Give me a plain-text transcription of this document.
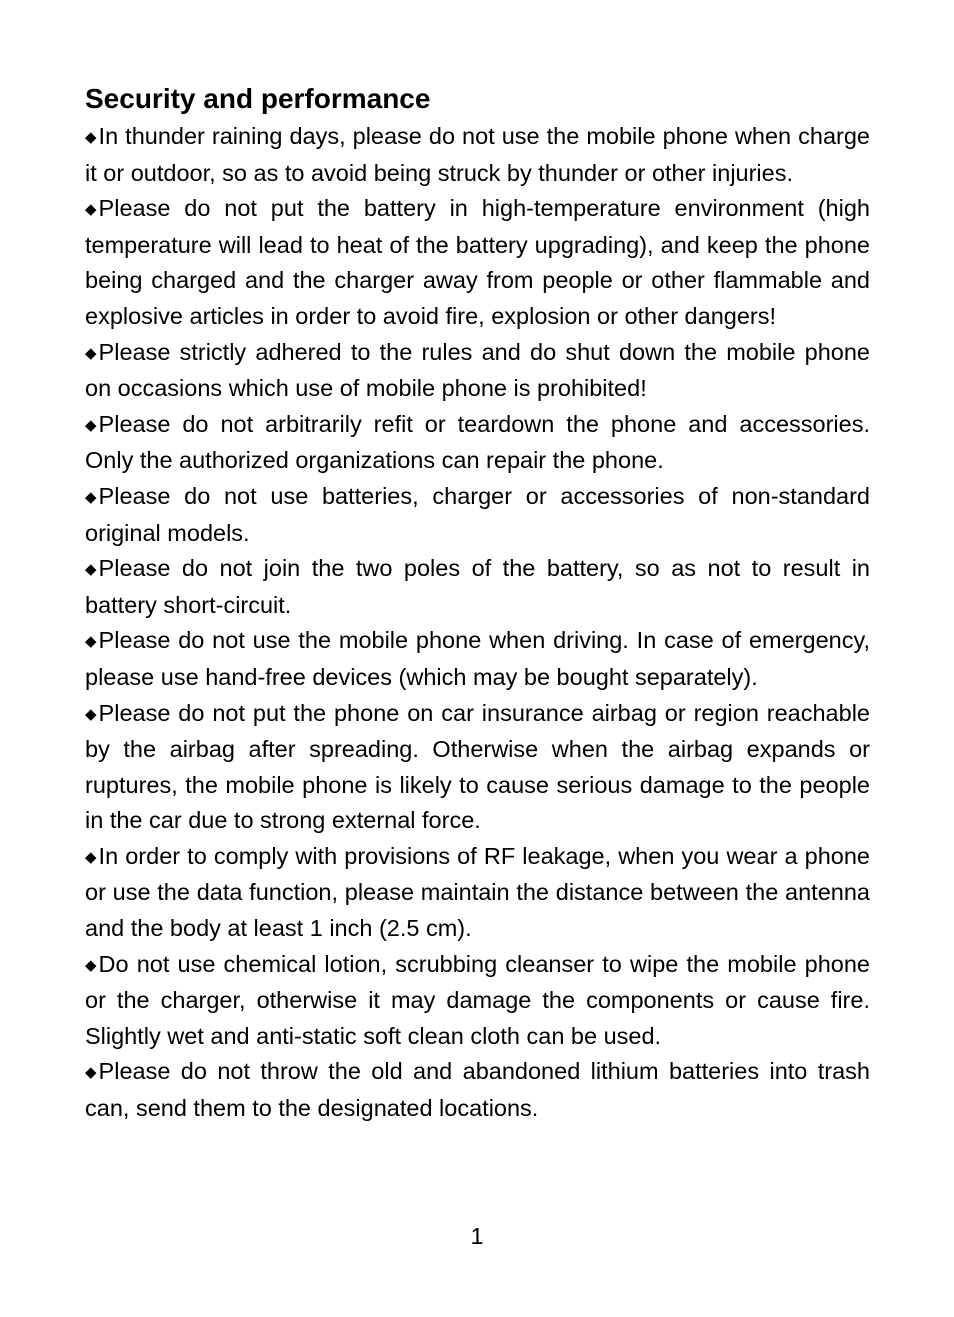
Security and performance

◆In thunder raining days, please do not use the mobile phone when charge it or outdoor, so as to avoid being struck by thunder or other injuries.

◆Please do not put the battery in high-temperature environment (high temperature will lead to heat of the battery upgrading), and keep the phone being charged and the charger away from people or other flammable and explosive articles in order to avoid fire, explosion or other dangers!

◆Please strictly adhered to the rules and do shut down the mobile phone on occasions which use of mobile phone is prohibited!

◆Please do not arbitrarily refit or teardown the phone and accessories. Only the authorized organizations can repair the phone.

◆Please do not use batteries, charger or accessories of non-standard original models.

◆Please do not join the two poles of the battery, so as not to result in battery short-circuit.

◆Please do not use the mobile phone when driving. In case of emergency, please use hand-free devices (which may be bought separately).

◆Please do not put the phone on car insurance airbag or region reachable by the airbag after spreading. Otherwise when the airbag expands or ruptures, the mobile phone is likely to cause serious damage to the people in the car due to strong external force.

◆In order to comply with provisions of RF leakage, when you wear a phone or use the data function, please maintain the distance between the antenna and the body at least 1 inch (2.5 cm).

◆Do not use chemical lotion, scrubbing cleanser to wipe the mobile phone or the charger, otherwise it may damage the components or cause fire. Slightly wet and anti-static soft clean cloth can be used.

◆Please do not throw the old and abandoned lithium batteries into trash can, send them to the designated locations.

1
